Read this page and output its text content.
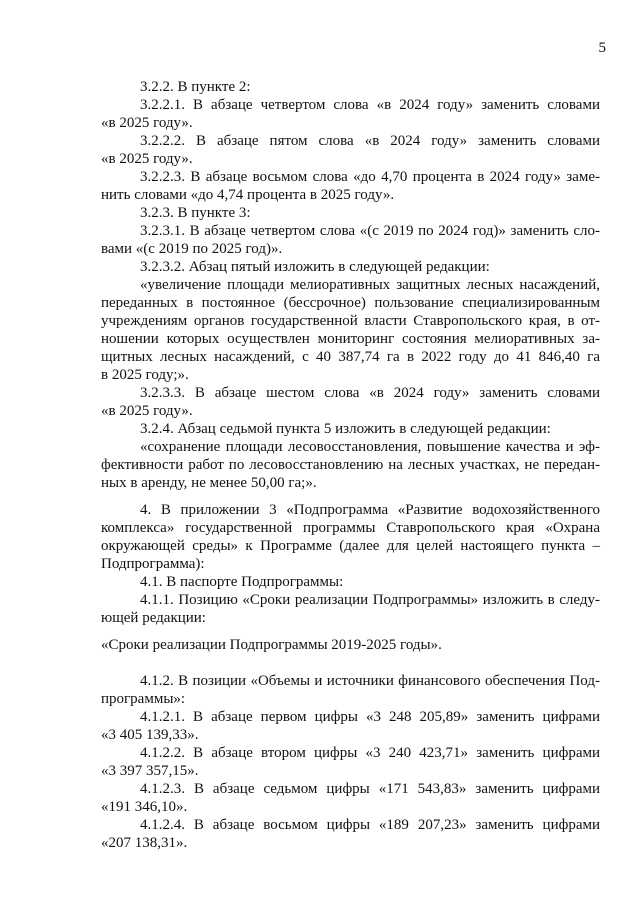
5
3.2.2. В пункте 2:
3.2.2.1. В абзаце четвертом слова «в 2024 году» заменить словами
«в 2025 году».
3.2.2.2. В абзаце пятом слова «в 2024 году» заменить словами
«в 2025 году».
3.2.2.3. В абзаце восьмом слова «до 4,70 процента в 2024 году» заме-
нить словами «до 4,74 процента в 2025 году».
3.2.3. В пункте 3:
3.2.3.1. В абзаце четвертом слова «(с 2019 по 2024 год)» заменить сло-
вами «(с 2019 по 2025 год)».
3.2.3.2. Абзац пятый изложить в следующей редакции:
«увеличение площади мелиоративных защитных лесных насаждений,
переданных в постоянное (бессрочное) пользование специализированным
учреждениям органов государственной власти Ставропольского края, в от-
ношении которых осуществлен мониторинг состояния мелиоративных за-
щитных лесных насаждений, с 40 387,74 га в 2022 году до 41 846,40 га
в 2025 году;».
3.2.3.3. В абзаце шестом слова «в 2024 году» заменить словами
«в 2025 году».
3.2.4. Абзац седьмой пункта 5 изложить в следующей редакции:
«сохранение площади лесовосстановления, повышение качества и эф-
фективности работ по лесовосстановлению на лесных участках, не передан-
ных в аренду, не менее 50,00 га;».
4. В приложении 3 «Подпрограмма «Развитие водохозяйственного
комплекса» государственной программы Ставропольского края «Охрана
окружающей среды» к Программе (далее для целей настоящего пункта –
Подпрограмма):
4.1. В паспорте Подпрограммы:
4.1.1. Позицию «Сроки реализации Подпрограммы» изложить в следу-
ющей редакции:
«Сроки реализации Подпрограммы 2019-2025 годы».
4.1.2. В позиции «Объемы и источники финансового обеспечения Под-
программы»:
4.1.2.1. В абзаце первом цифры «3 248 205,89» заменить цифрами
«3 405 139,33».
4.1.2.2. В абзаце втором цифры «3 240 423,71» заменить цифрами
«3 397 357,15».
4.1.2.3. В абзаце седьмом цифры «171 543,83» заменить цифрами
«191 346,10».
4.1.2.4. В абзаце восьмом цифры «189 207,23» заменить цифрами
«207 138,31».
